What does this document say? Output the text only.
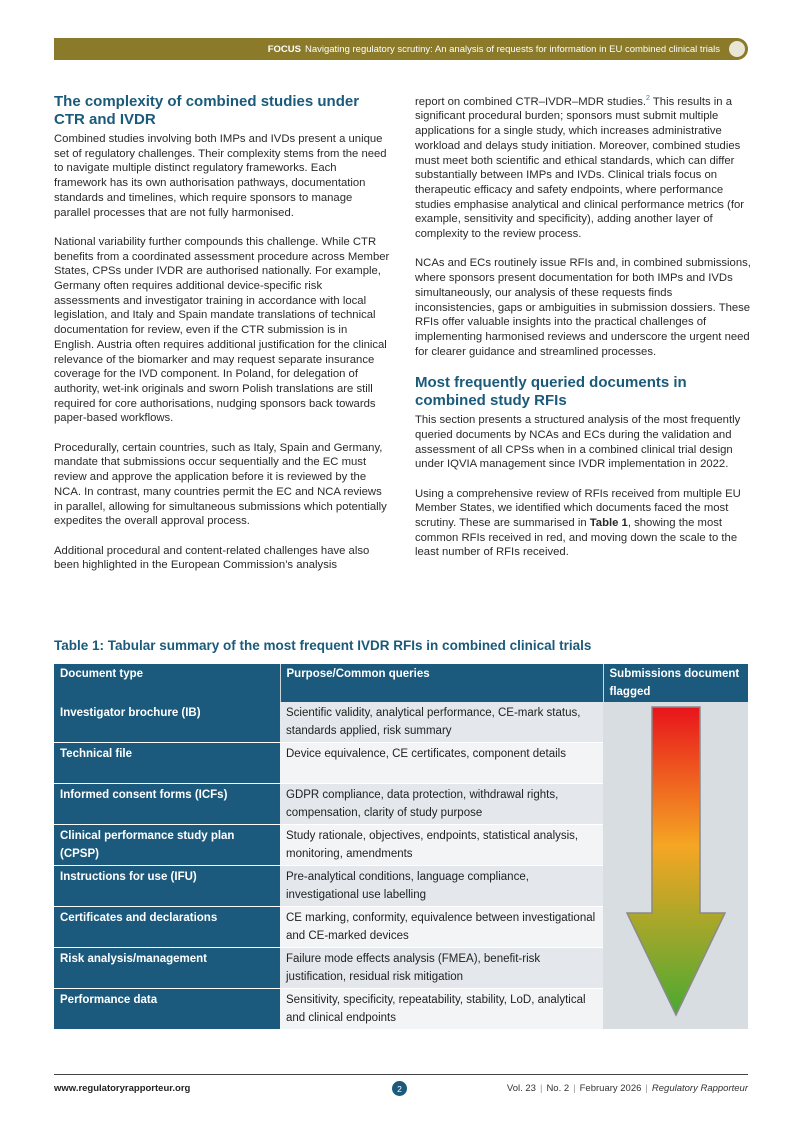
FOCUS Navigating regulatory scrutiny: An analysis of requests for information in EU combined clinical trials
The complexity of combined studies under CTR and IVDR

Combined studies involving both IMPs and IVDs present a unique set of regulatory challenges. Their complexity stems from the need to navigate multiple distinct regulatory frameworks. Each framework has its own authorisation pathways, documentation standards and timelines, which require sponsors to manage parallel processes that are not fully harmonised.

National variability further compounds this challenge. While CTR benefits from a coordinated assessment procedure across Member States, CPSs under IVDR are authorised nationally. For example, Germany often requires additional device-specific risk assessments and investigator training in accordance with local legislation, and Italy and Spain mandate translations of technical documentation for review, even if the CTR submission is in English. Austria often requires additional justification for the clinical relevance of the biomarker and may request separate insurance coverage for the IVD component. In Poland, for delegation of authority, wet-ink originals and sworn Polish translations are still required for core authorisations, nudging sponsors back towards paper-based workflows.

Procedurally, certain countries, such as Italy, Spain and Germany, mandate that submissions occur sequentially and the EC must review and approve the application before it is reviewed by the NCA. In contrast, many countries permit the EC and NCA reviews in parallel, allowing for simultaneous submissions which potentially expedites the overall approval process.

Additional procedural and content-related challenges have also been highlighted in the European Commission’s analysis

report on combined CTR–IVDR–MDR studies.$^2$ This results in a significant procedural burden; sponsors must submit multiple applications for a single study, which increases administrative workload and delays study initiation. Moreover, combined studies must meet both scientific and ethical standards, which can differ substantially between IMPs and IVDs. Clinical trials focus on therapeutic efficacy and safety endpoints, where performance studies emphasise analytical and clinical performance metrics (for example, sensitivity and specificity), adding another layer of complexity to the review process.

NCAs and ECs routinely issue RFIs and, in combined submissions, where sponsors present documentation for both IMPs and IVDs simultaneously, our analysis of these requests finds inconsistencies, gaps or ambiguities in submission dossiers. These RFIs offer valuable insights into the practical challenges of implementing harmonised reviews and underscore the urgent need for clearer guidance and streamlined processes.

Most frequently queried documents in combined study RFIs

This section presents a structured analysis of the most frequently queried documents by NCAs and ECs during the validation and assessment of all CPSs when in a combined clinical trial design under IQVIA management since IVDR implementation in 2022.

Using a comprehensive review of RFIs received from multiple EU Member States, we identified which documents faced the most scrutiny. These are summarised in Table 1, showing the most common RFIs received in red, and moving down the scale to the least number of RFIs received.

Table 1: Tabular summary of the most frequent IVDR RFIs in combined clinical trials
Document type	Purpose/Common queries	Submissions document flagged
Investigator brochure (IB)	Scientific validity, analytical performance, CE-mark status, standards applied, risk summary	

Technical file	Device equivalence, CE certificates, component details	
Informed consent forms (ICFs)	GDPR compliance, data protection, withdrawal rights, compensation, clarity of study purpose	
Clinical performance study plan (CPSP)	Study rationale, objectives, endpoints, statistical analysis, monitoring, amendments	
Instructions for use (IFU)	Pre-analytical conditions, language compliance, investigational use labelling	
Certificates and declarations	CE marking, conformity, equivalence between investigational and CE-marked devices	
Risk analysis/management	Failure mode effects analysis (FMEA), benefit-risk justification, residual risk mitigation	
Performance data	Sensitivity, specificity, repeatability, stability, LoD, analytical and clinical endpoints	
www.regulatoryrapporteur.org	2	Vol. 23 | No. 2 | February 2026 | Regulatory Rapporteur
